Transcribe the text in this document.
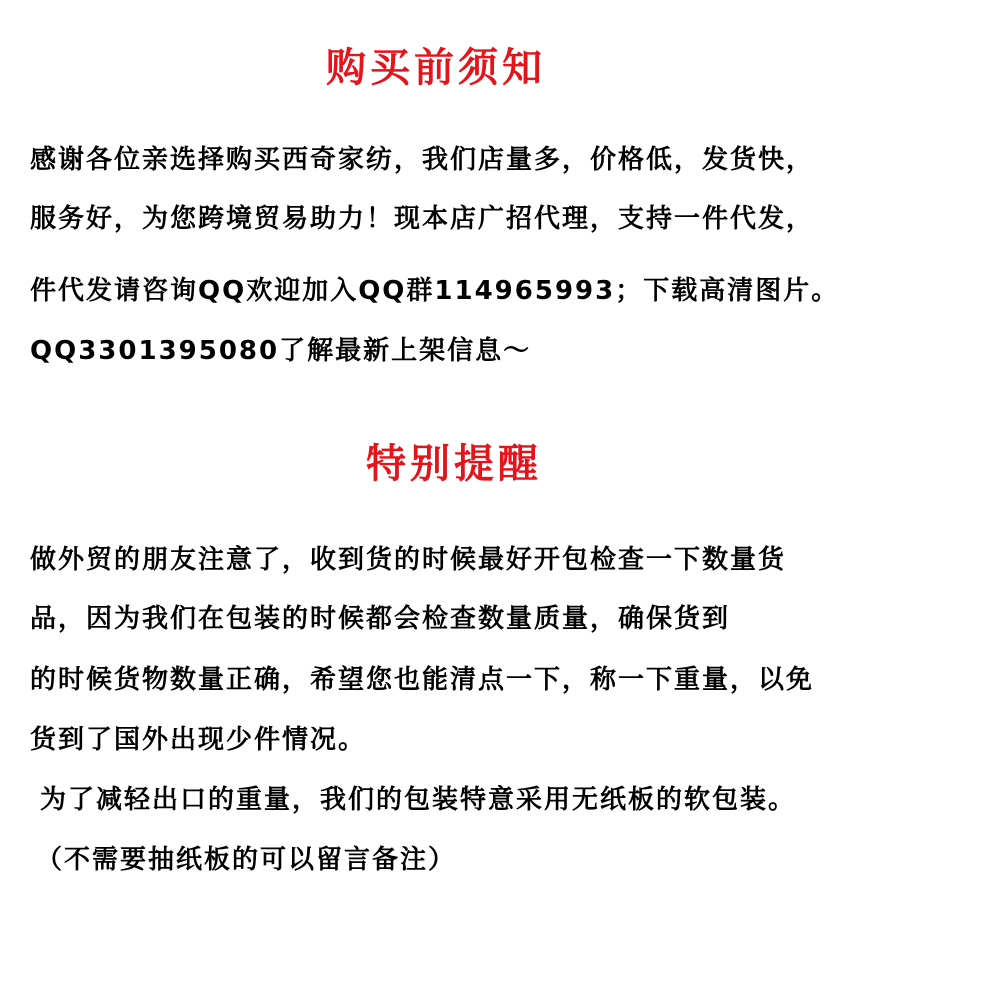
购买前须知
感谢各位亲选择购买西奇家纺，我们店量多，价格低，发货快，
服务好，为您跨境贸易助力！现本店广招代理，支持一件代发，
件代发请咨询QQ欢迎加入QQ群114965993；下载高清图片。
QQ3301395080了解最新上架信息～
特别提醒
做外贸的朋友注意了，收到货的时候最好开包检查一下数量货
品，因为我们在包装的时候都会检查数量质量，确保货到
的时候货物数量正确，希望您也能清点一下，称一下重量，以免
货到了国外出现少件情况。
为了减轻出口的重量，我们的包装特意采用无纸板的软包装。
（不需要抽纸板的可以留言备注）
